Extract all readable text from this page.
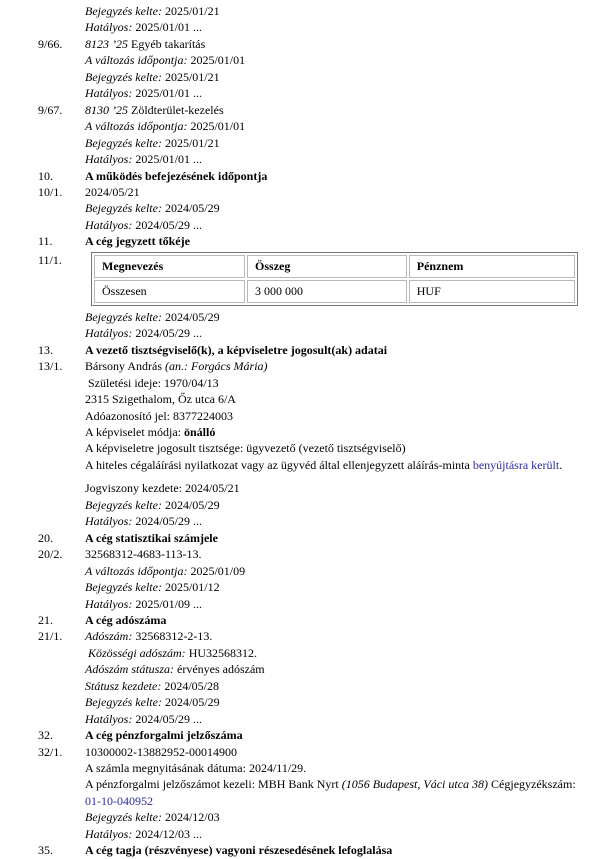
Bejegyzés kelte: 2025/01/21
Hatályos: 2025/01/01 ...
9/66. 8123 ’25 Egyéb takarítás
A változás időpontja: 2025/01/01
Bejegyzés kelte: 2025/01/21
Hatályos: 2025/01/01 ...
9/67. 8130 ’25 Zöldterület-kezelés
A változás időpontja: 2025/01/01
Bejegyzés kelte: 2025/01/21
Hatályos: 2025/01/01 ...
10.	A működés befejezésének időpontja
10/1. 2024/05/21
Bejegyzés kelte: 2024/05/29
Hatályos: 2024/05/29 ...
11.	A cég jegyzett tőkéje
11/1.	Megnevezés	Összeg	Pénznem
Összesen	3 000 000	HUF
Bejegyzés kelte: 2024/05/29
Hatályos: 2024/05/29 ...
13.	A vezető tisztségviselő(k), a képviseletre jogosult(ak) adatai
13/1. Bársony András (an.: Forgács Mária)
Születési ideje: 1970/04/13
2315 Szigethalom, Őz utca 6/A
Adóazonosító jel: 8377224003
A képviselet módja: önálló
A képviseletre jogosult tisztsége: ügyvezető (vezető tisztségviselő)
A hiteles cégaláírási nyilatkozat vagy az ügyvéd által ellenjegyzett aláírás-minta benyújtásra került.
Jogviszony kezdete: 2024/05/21
Bejegyzés kelte: 2024/05/29
Hatályos: 2024/05/29 ...
20.	A cég statisztikai számjele
20/2. 32568312-4683-113-13.
A változás időpontja: 2025/01/09
Bejegyzés kelte: 2025/01/12
Hatályos: 2025/01/09 ...
21.	A cég adószáma
21/1. Adószám: 32568312-2-13.
Közösségi adószám: HU32568312.
Adószám státusza: érvényes adószám
Státusz kezdete: 2024/05/28
Bejegyzés kelte: 2024/05/29
Hatályos: 2024/05/29 ...
32.	A cég pénzforgalmi jelzőszáma
32/1. 10300002-13882952-00014900
A számla megnyitásának dátuma: 2024/11/29.
A pénzforgalmi jelzőszámot kezeli: MBH Bank Nyrt (1056 Budapest, Váci utca 38) Cégjegyzékszám:
01-10-040952
Bejegyzés kelte: 2024/12/03
Hatályos: 2024/12/03 ...
35.	A cég tagja (részvényese) vagyoni részesedésének lefoglalása
